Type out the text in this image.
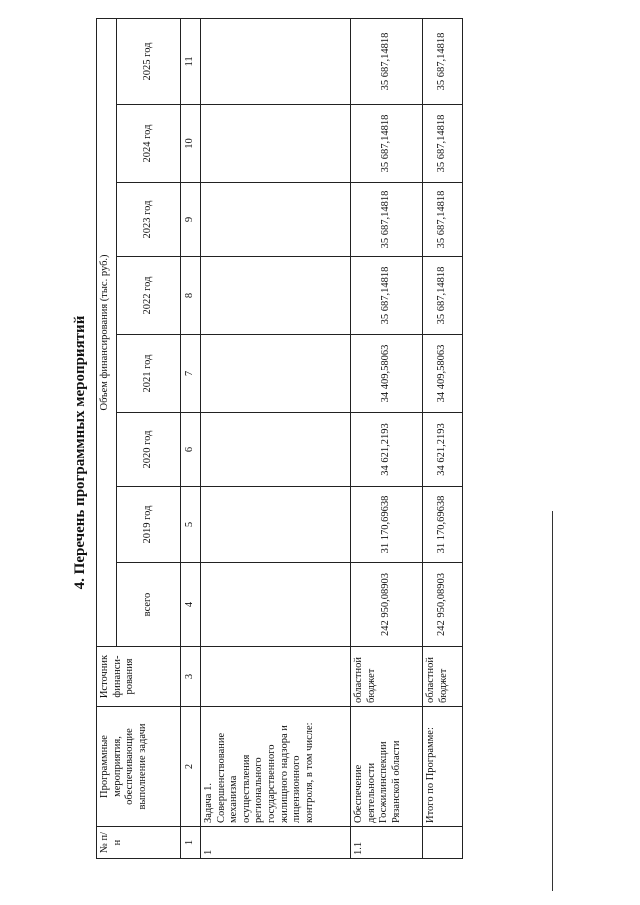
4. Перечень программных мероприятий
№ п/н	Программные мероприятия, обеспечивающие выполнение задачи	Источник финанси-рования	Объем финансирования (тыс. руб.)							
			всего	2019 год	2020 год	2021 год	2022 год	2023 год	2024 год	2025 год
1	2	3	4	5	6	7	8	9	10	11
1	Задача 1. Совершенствование механизма осуществления регионального государственного жилищного надзора и лицензионного контроля, в том числе:									
1.1	Обеспечение деятельности Госжилинспекции Рязанской области	областной бюджет	242 950,08903	31 170,69638	34 621,2193	34 409,58063	35 687,14818	35 687,14818	35 687,14818	35 687,14818
	Итого по Программе:	областной бюджет	242 950,08903	31 170,69638	34 621,2193	34 409,58063	35 687,14818	35 687,14818	35 687,14818	35 687,14818
